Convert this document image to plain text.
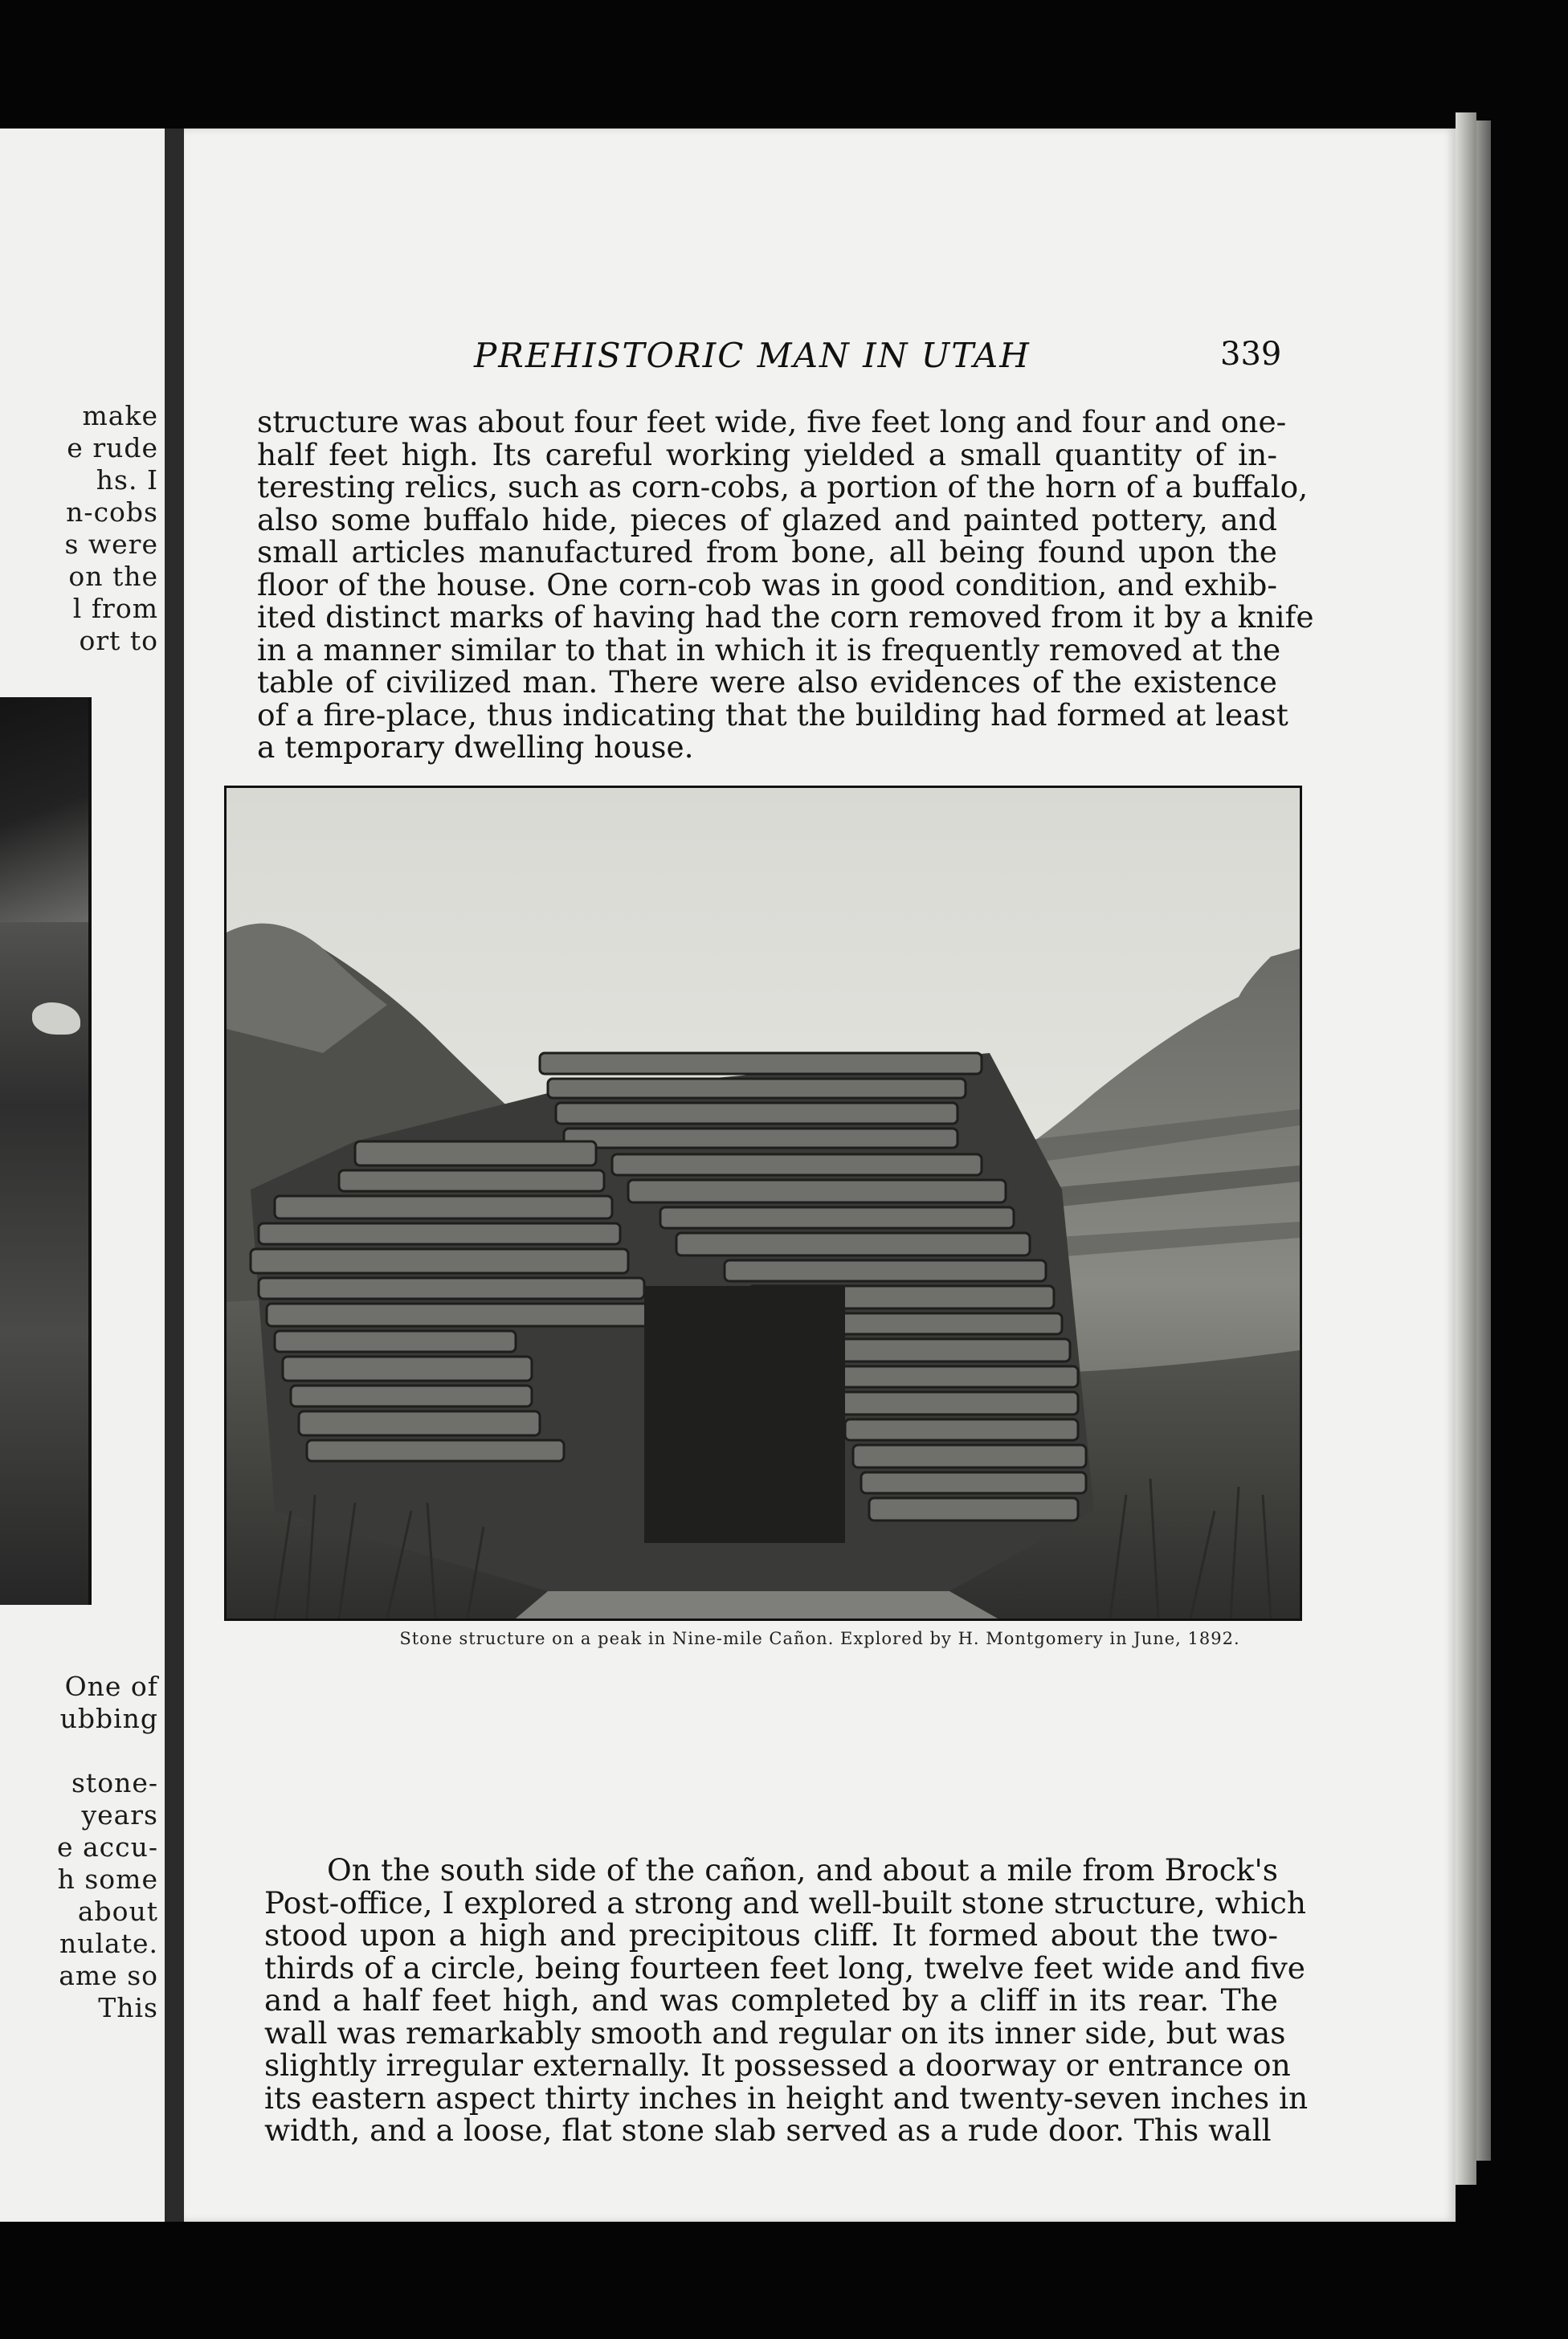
make
e rude
hs. I
n-cobs
s were
on the
l from
ort to
One of
ubbing
stone-
years
e accu-
h some
about
nulate.
ame so
This
PREHISTORIC MAN IN UTAH	339
structure was about four feet wide, five feet long and four and one-
half feet high. Its careful working yielded a small quantity of in-
teresting relics, such as corn-cobs, a portion of the horn of a buffalo,
also some buffalo hide, pieces of glazed and painted pottery, and
small articles manufactured from bone, all being found upon the
floor of the house. One corn-cob was in good condition, and exhib-
ited distinct marks of having had the corn removed from it by a knife
in a manner similar to that in which it is frequently removed at the
table of civilized man. There were also evidences of the existence
of a fire-place, thus indicating that the building had formed at least
a temporary dwelling house.
Stone structure on a peak in Nine-mile Cañon. Explored by H. Montgomery in June, 1892.
On the south side of the cañon, and about a mile from Brock's
Post-office, I explored a strong and well-built stone structure, which
stood upon a high and precipitous cliff. It formed about the two-
thirds of a circle, being fourteen feet long, twelve feet wide and five
and a half feet high, and was completed by a cliff in its rear. The
wall was remarkably smooth and regular on its inner side, but was
slightly irregular externally. It possessed a doorway or entrance on
its eastern aspect thirty inches in height and twenty-seven inches in
width, and a loose, flat stone slab served as a rude door. This wall
